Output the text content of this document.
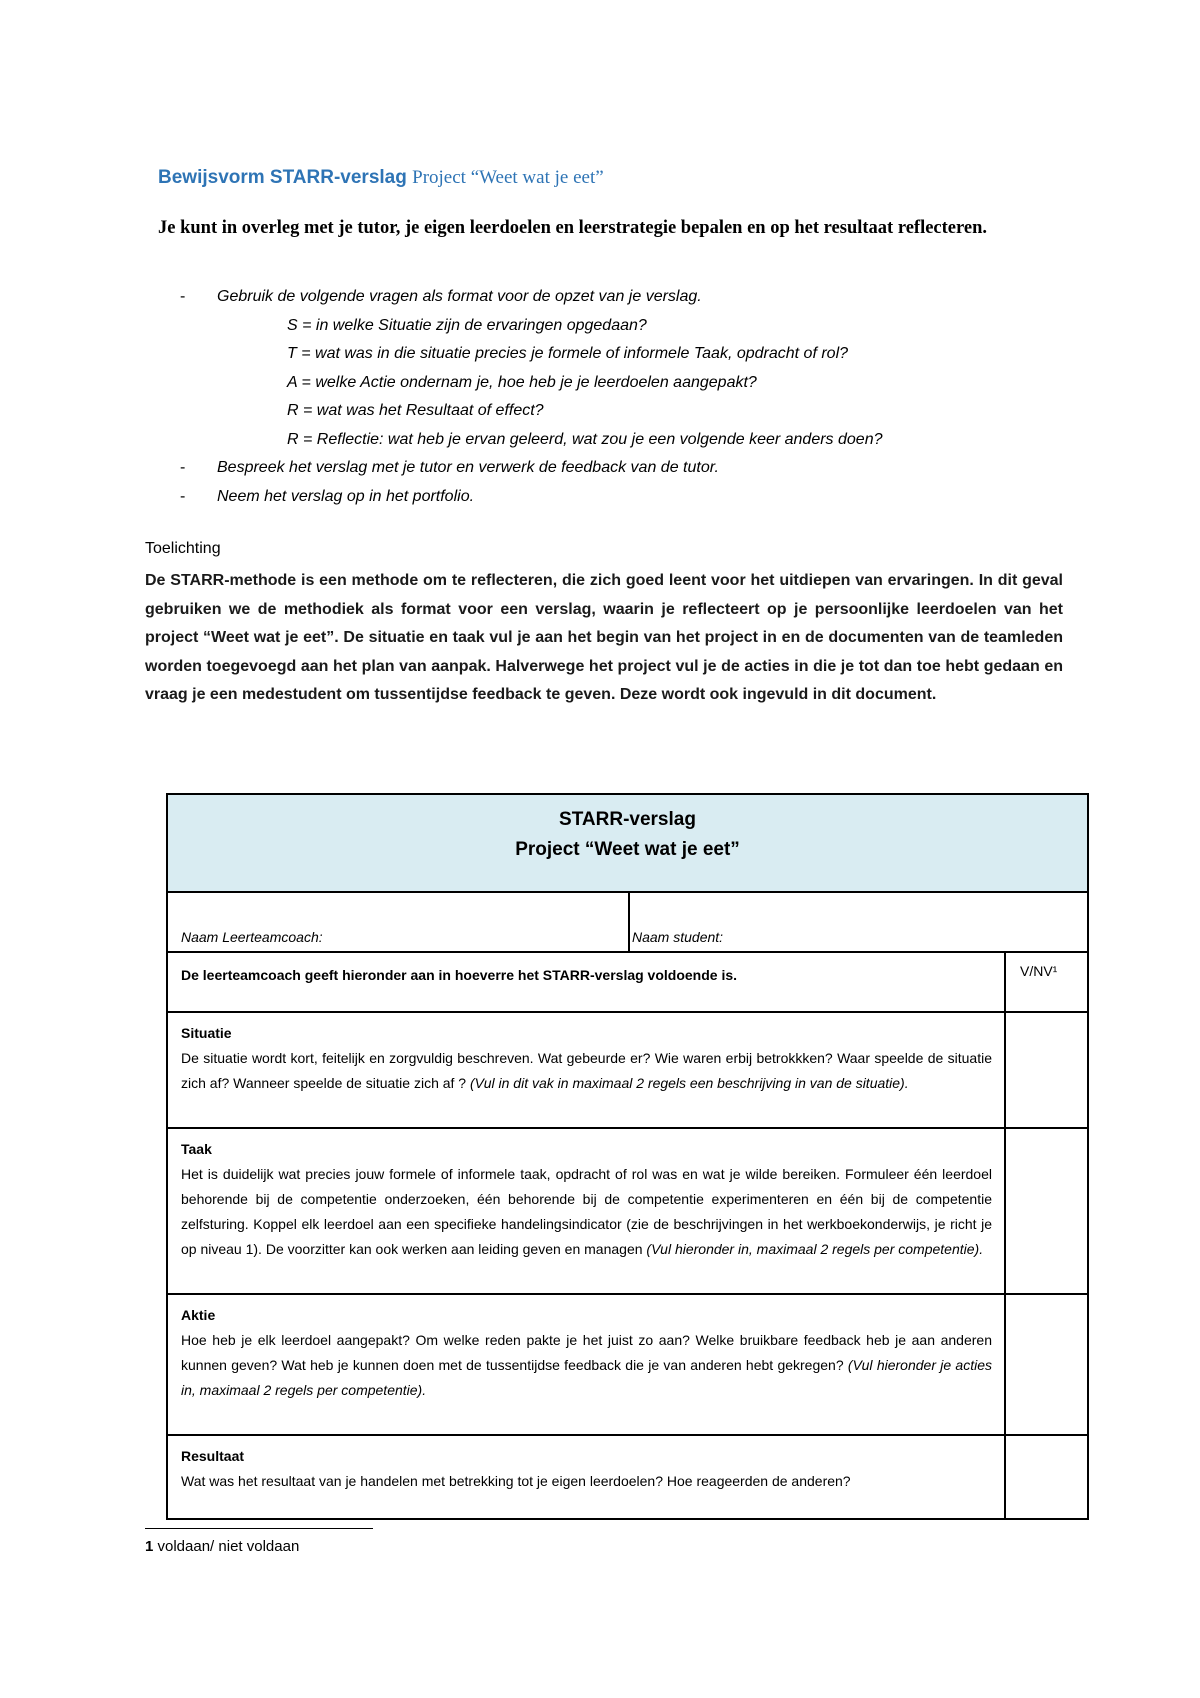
Bewijsvorm STARR-verslag Project “Weet wat je eet”
Je kunt in overleg met je tutor, je eigen leerdoelen en leerstrategie bepalen en op het resultaat reflecteren.
- Gebruik de volgende vragen als format voor de opzet van je verslag.
S = in welke Situatie zijn de ervaringen opgedaan?
T = wat was in die situatie precies je formele of informele Taak, opdracht of rol?
A = welke Actie ondernam je, hoe heb je je leerdoelen aangepakt?
R = wat was het Resultaat of effect?
R = Reflectie: wat heb je ervan geleerd, wat zou je een volgende keer anders doen?
- Bespreek het verslag met je tutor en verwerk de feedback van de tutor.
- Neem het verslag op in het portfolio.
Toelichting
De STARR-methode is een methode om te reflecteren, die zich goed leent voor het uitdiepen van ervaringen. In dit geval gebruiken we de methodiek als format voor een verslag, waarin je reflecteert op je persoonlijke leerdoelen van het project “Weet wat je eet”. De situatie en taak vul je aan het begin van het project in en de documenten van de teamleden worden toegevoegd aan het plan van aanpak. Halverwege het project vul je de acties in die je tot dan toe hebt gedaan en vraag je een medestudent om tussentijdse feedback te geven. Deze wordt ook ingevuld in dit document.
STARR-verslag
Project “Weet wat je eet”
Naam Leerteamcoach:	Naam student:
De leerteamcoach geeft hieronder aan in hoeverre het STARR-verslag voldoende is.	V/NV¹
Situatie
De situatie wordt kort, feitelijk en zorgvuldig beschreven. Wat gebeurde er? Wie waren erbij betrokkken? Waar speelde de situatie zich af? Wanneer speelde de situatie zich af ? (Vul in dit vak in maximaal 2 regels een beschrijving in van de situatie).
Taak
Het is duidelijk wat precies jouw formele of informele taak, opdracht of rol was en wat je wilde bereiken. Formuleer één leerdoel behorende bij de competentie onderzoeken, één behorende bij de competentie experimenteren en één bij de competentie zelfsturing. Koppel elk leerdoel aan een specifieke handelingsindicator (zie de beschrijvingen in het werkboekonderwijs, je richt je op niveau 1). De voorzitter kan ook werken aan leiding geven en managen (Vul hieronder in, maximaal 2 regels per competentie).
Aktie
Hoe heb je elk leerdoel aangepakt? Om welke reden pakte je het juist zo aan? Welke bruikbare feedback heb je aan anderen kunnen geven? Wat heb je kunnen doen met de tussentijdse feedback die je van anderen hebt gekregen? (Vul hieronder je acties in, maximaal 2 regels per competentie).
Resultaat
Wat was het resultaat van je handelen met betrekking tot je eigen leerdoelen? Hoe reageerden de anderen?
1 voldaan/ niet voldaan
